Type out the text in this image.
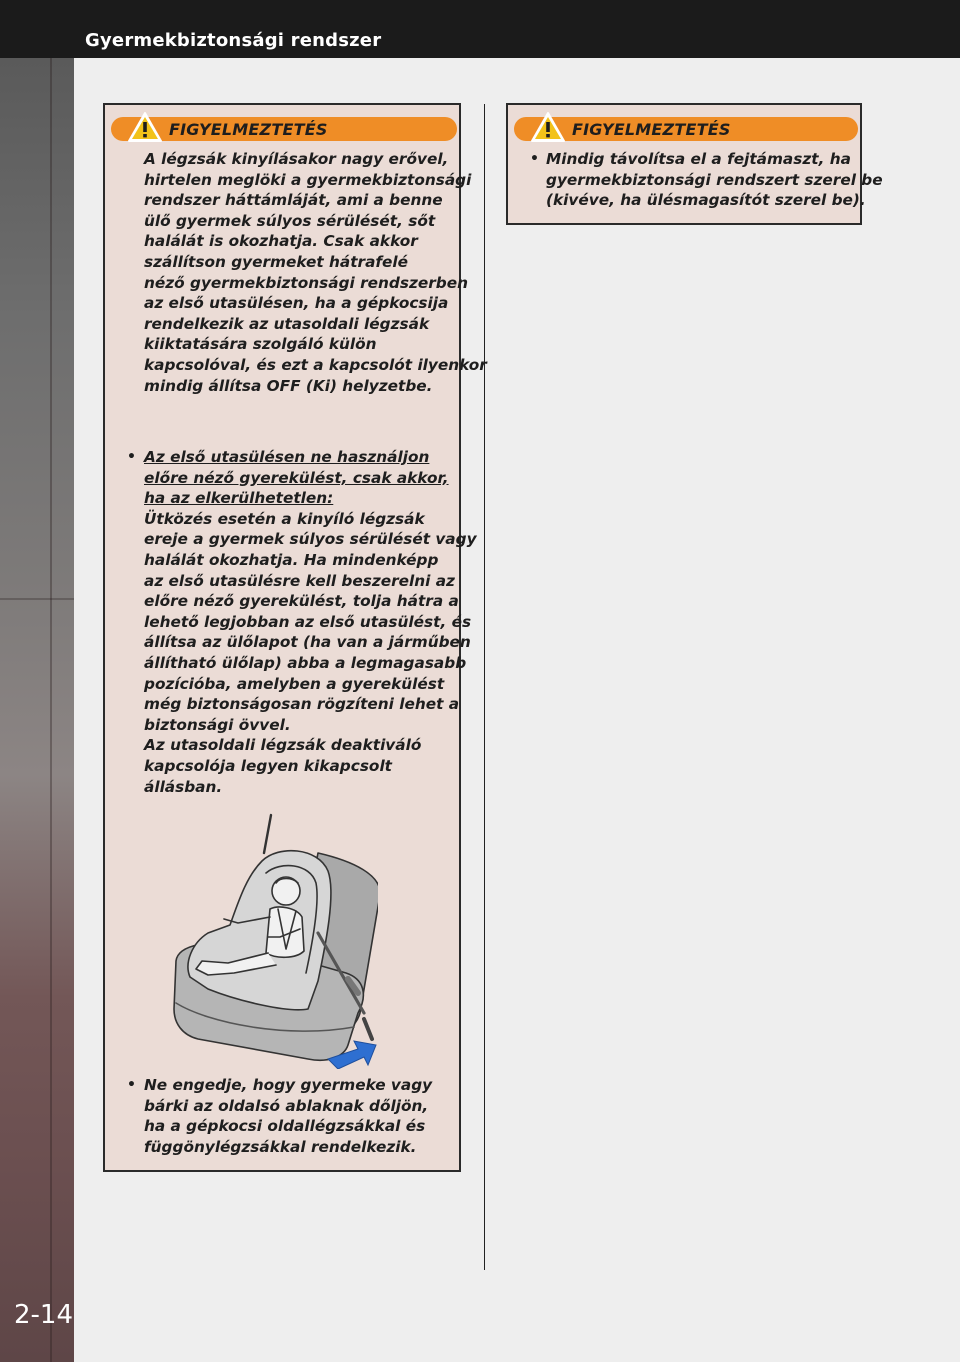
Gyermekbiztonsági rendszer
2-14
FIGYELMEZTETÉS
A légzsák kinyílásakor nagy erővel,
hirtelen meglöki a gyermekbiztonsági
rendszer háttámláját, ami a benne
ülő gyermek súlyos sérülését, sőt
halálát is okozhatja. Csak akkor
szállítson gyermeket hátrafelé
néző gyermekbiztonsági rendszerben
az első utasülésen, ha a gépkocsija
rendelkezik az utasoldali légzsák
kiiktatására szolgáló külön
kapcsolóval, és ezt a kapcsolót ilyenkor
mindig állítsa OFF (Ki) helyzetbe.
• Az első utasülésen ne használjon
előre néző gyerekülést, csak akkor,
ha az elkerülhetetlen:
Ütközés esetén a kinyíló légzsák
ereje a gyermek súlyos sérülését vagy
halálát okozhatja. Ha mindenképp
az első utasülésre kell beszerelni az
előre néző gyerekülést, tolja hátra a
lehető legjobban az első utasülést, és
állítsa az ülőlapot (ha van a járműben
állítható ülőlap) abba a legmagasabb
pozícióba, amelyben a gyerekülést
még biztonságosan rögzíteni lehet a
biztonsági övvel.
Az utasoldali légzsák deaktiváló
kapcsolója legyen kikapcsolt
állásban.
• Ne engedje, hogy gyermeke vagy
bárki az oldalsó ablaknak dőljön,
ha a gépkocsi oldallégzsákkal és
függönylégzsákkal rendelkezik.
FIGYELMEZTETÉS
• Mindig távolítsa el a fejtámaszt, ha
gyermekbiztonsági rendszert szerel be
(kivéve, ha ülésmagasítót szerel be).
